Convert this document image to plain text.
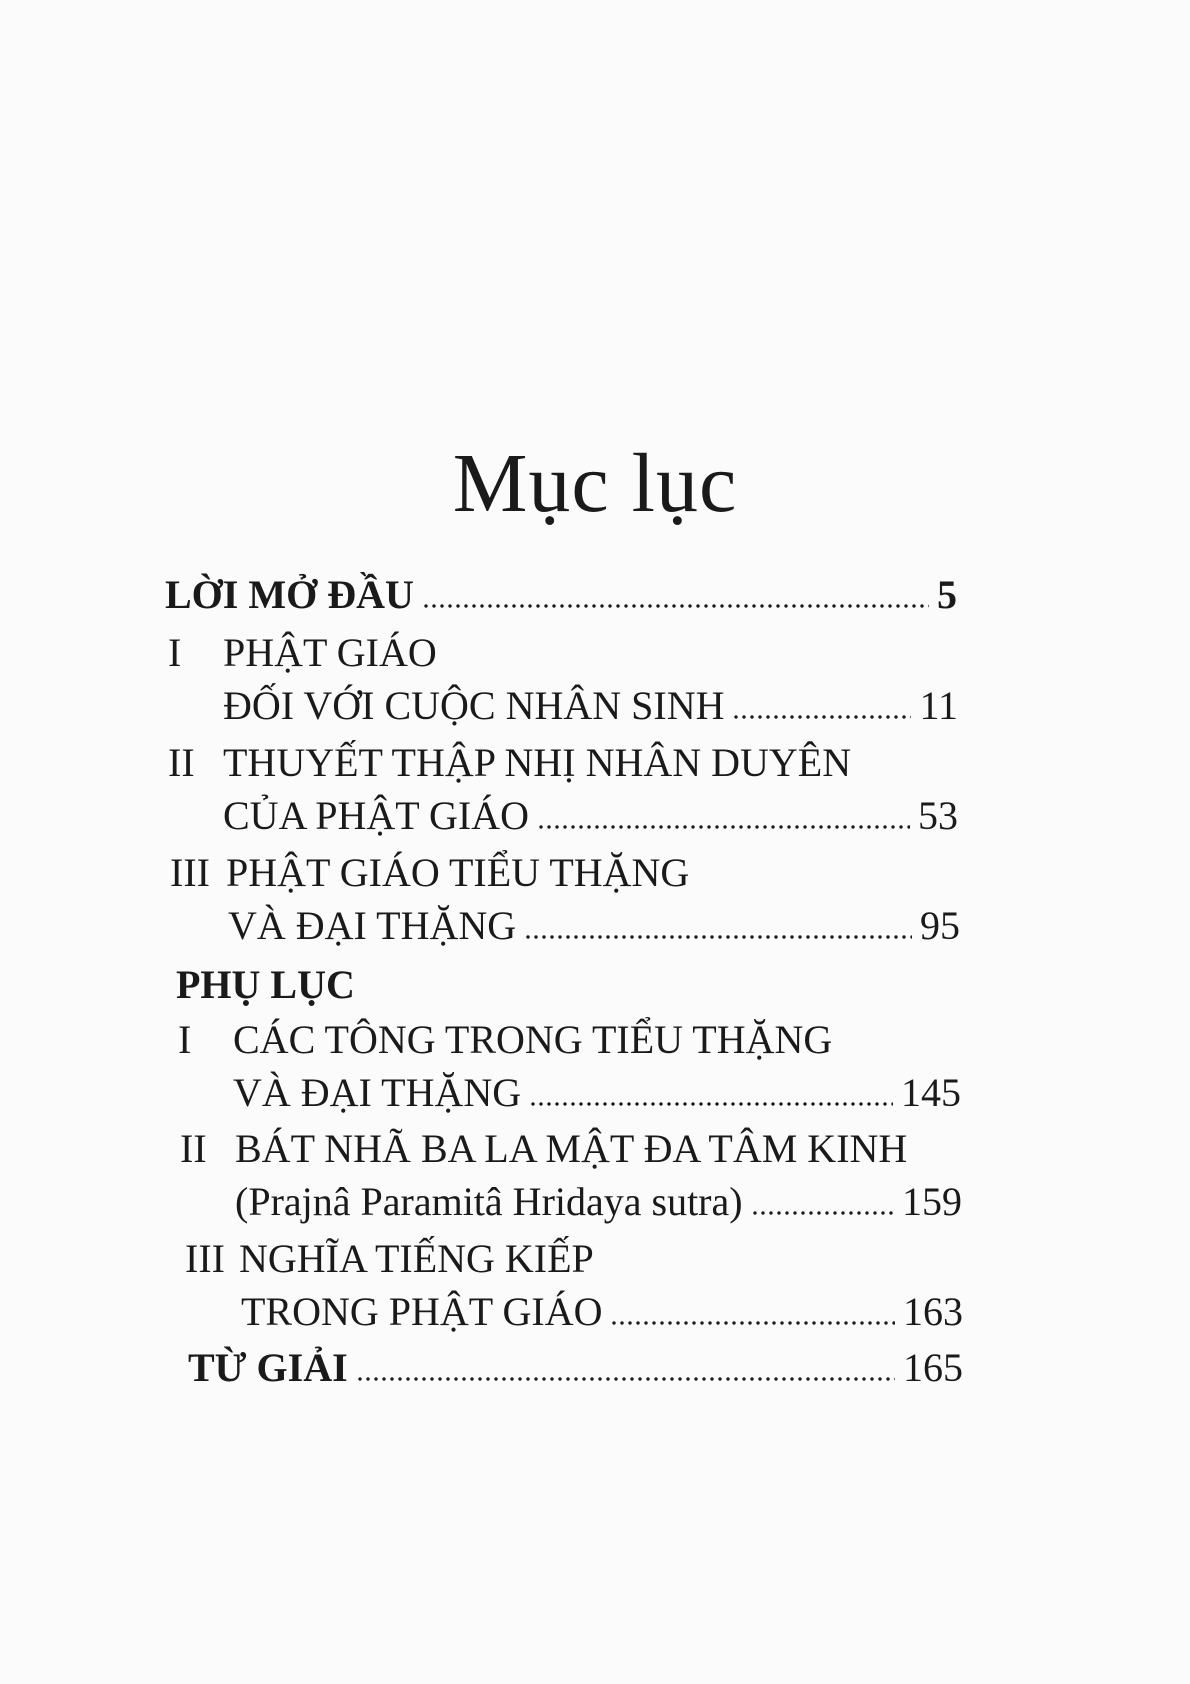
Mục lục
LỜI MỞ ĐẦU	5
I	PHẬT GIÁO
ĐỐI VỚI CUỘC NHÂN SINH	11
II THUYẾT THẬP NHỊ NHÂN DUYÊN
CỦA PHẬT GIÁO	53
III PHẬT GIÁO TIỂU THẶNG
VÀ ĐẠI THẶNG	95
PHỤ LỤC
I	CÁC TÔNG TRONG TIỂU THẶNG
VÀ ĐẠI THẶNG	145
II BÁT NHÃ BA LA MẬT ĐA TÂM KINH
(Prajnâ Paramitâ Hridaya sutra)	159
III NGHĨA TIẾNG KIẾP
TRONG PHẬT GIÁO	163
TỪ GIẢI	165
